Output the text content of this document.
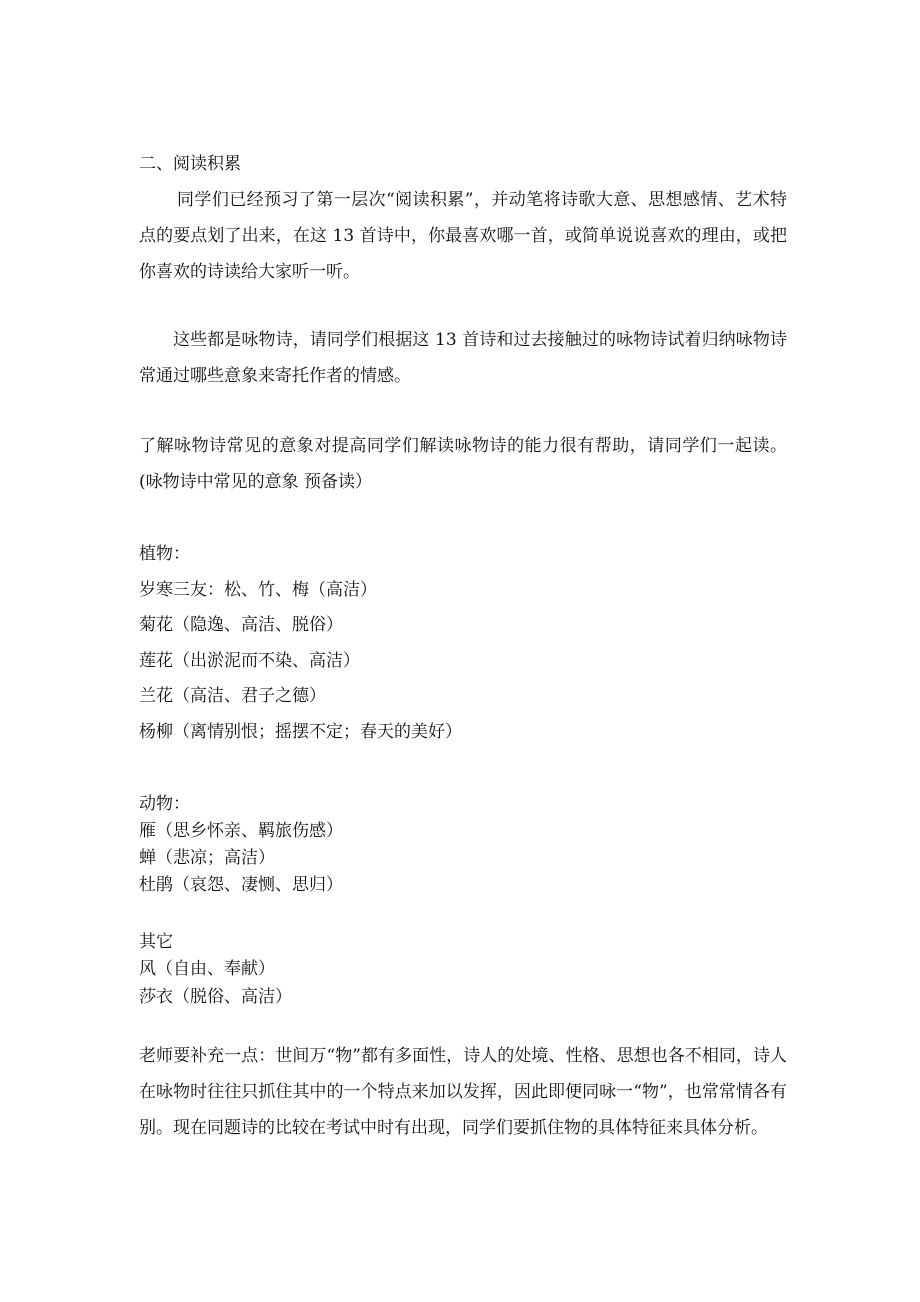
二、阅读积累

同学们已经预习了第一层次“阅读积累”，并动笔将诗歌大意、思想感情、艺术特点的要点划了出来，在这 13 首诗中，你最喜欢哪一首，或简单说说喜欢的理由，或把你喜欢的诗读给大家听一听。

这些都是咏物诗，请同学们根据这 13 首诗和过去接触过的咏物诗试着归纳咏物诗常通过哪些意象来寄托作者的情感。

了解咏物诗常见的意象对提高同学们解读咏物诗的能力很有帮助，请同学们一起读。(咏物诗中常见的意象 预备读）

植物：

岁寒三友：松、竹、梅（高洁）

菊花（隐逸、高洁、脱俗）

莲花（出淤泥而不染、高洁）

兰花（高洁、君子之德）

杨柳（离情别恨；摇摆不定；春天的美好）

动物：

雁（思乡怀亲、羁旅伤感）

蝉（悲凉；高洁）

杜鹃（哀怨、凄恻、思归）

其它

风（自由、奉献）

莎衣（脱俗、高洁）

老师要补充一点：世间万“物”都有多面性，诗人的处境、性格、思想也各不相同，诗人在咏物时往往只抓住其中的一个特点来加以发挥，因此即便同咏一“物”，也常常情各有别。现在同题诗的比较在考试中时有出现，同学们要抓住物的具体特征来具体分析。
